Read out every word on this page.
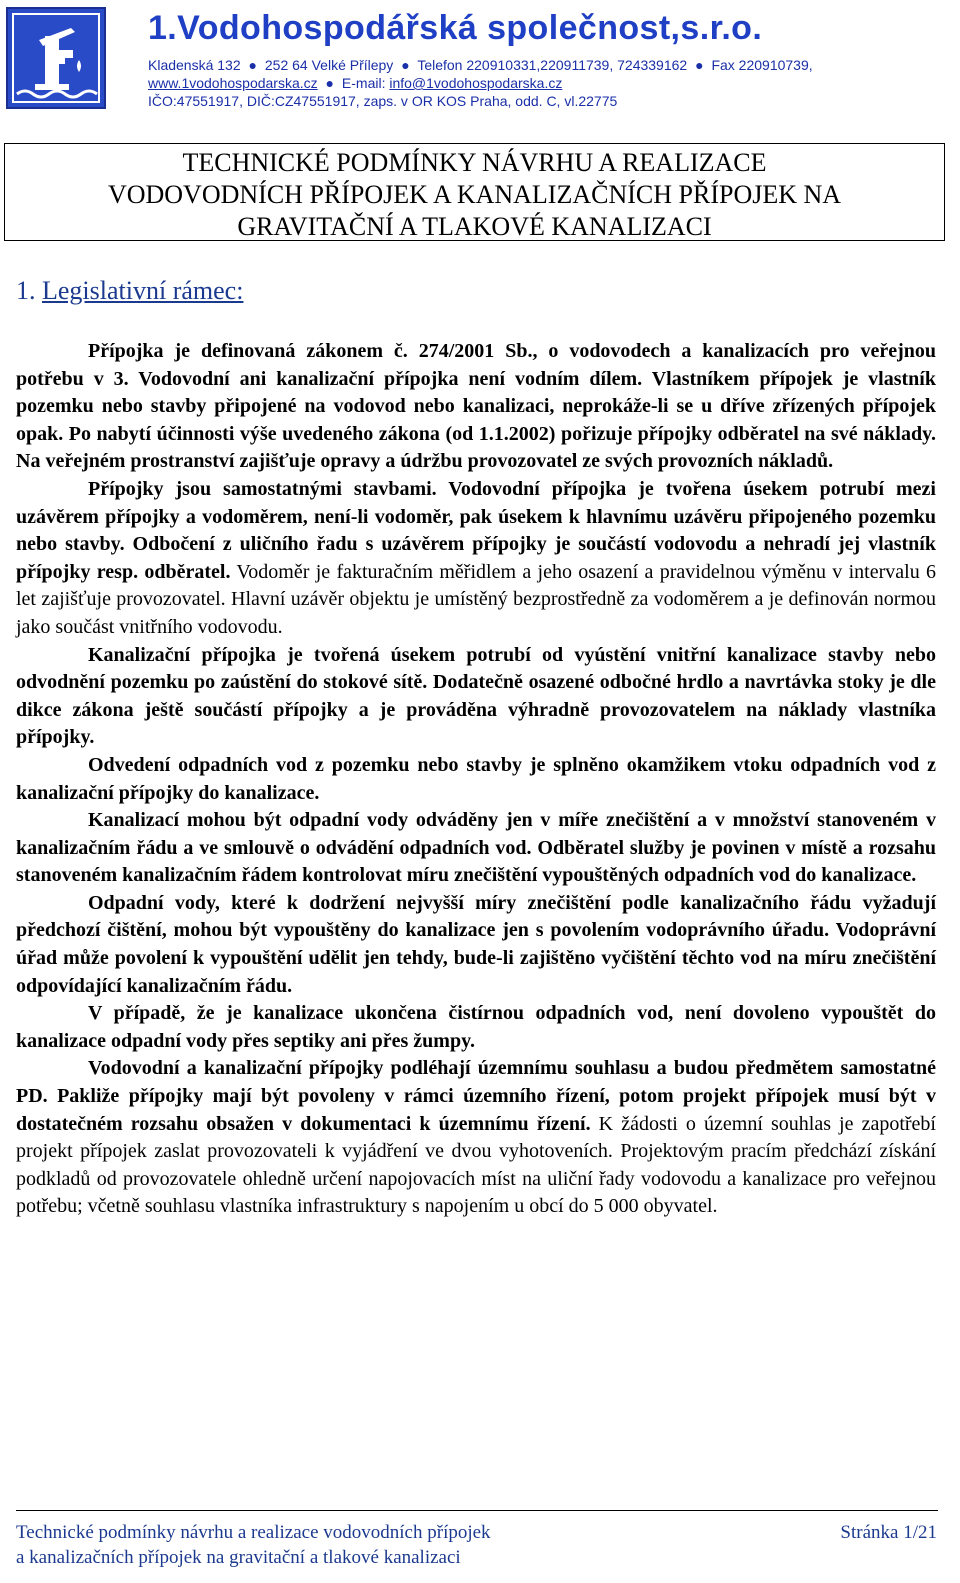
1.Vodohospodářská společnost,s.r.o.
Kladenská 132 ● 252 64 Velké Přílepy ● Telefon 220910331,220911739, 724339162 ● Fax 220910739,
www.1vodohospodarska.cz ● E-mail: info@1vodohospodarska.cz
IČO:47551917, DIČ:CZ47551917, zaps. v OR KOS Praha, odd. C, vl.22775
TECHNICKÉ PODMÍNKY NÁVRHU A REALIZACE
VODOVODNÍCH PŘÍPOJEK A KANALIZAČNÍCH PŘÍPOJEK NA
GRAVITAČNÍ A TLAKOVÉ KANALIZACI
1. Legislativní rámec:

Přípojka je definovaná zákonem č. 274/2001 Sb., o vodovodech a kanalizacích pro veřejnou potřebu v 3. Vodovodní ani kanalizační přípojka není vodním dílem. Vlastníkem přípojek je vlastník pozemku nebo stavby připojené na vodovod nebo kanalizaci, neprokáže-li se u dříve zřízených přípojek opak. Po nabytí účinnosti výše uvedeného zákona (od 1.1.2002) pořizuje přípojky odběratel na své náklady. Na veřejném prostranství zajišťuje opravy a údržbu provozovatel ze svých provozních nákladů.

Přípojky jsou samostatnými stavbami. Vodovodní přípojka je tvořena úsekem potrubí mezi uzávěrem přípojky a vodoměrem, není-li vodoměr, pak úsekem k hlavnímu uzávěru připojeného pozemku nebo stavby. Odbočení z uličního řadu s uzávěrem přípojky je součástí vodovodu a nehradí jej vlastník přípojky resp. odběratel. Vodoměr je fakturačním měřidlem a jeho osazení a pravidelnou výměnu v intervalu 6 let zajišťuje provozovatel. Hlavní uzávěr objektu je umístěný bezprostředně za vodoměrem a je definován normou jako součást vnitřního vodovodu.

Kanalizační přípojka je tvořená úsekem potrubí od vyústění vnitřní kanalizace stavby nebo odvodnění pozemku po zaústění do stokové sítě. Dodatečně osazené odbočné hrdlo a navrtávka stoky je dle dikce zákona ještě součástí přípojky a je prováděna výhradně provozovatelem na náklady vlastníka přípojky.

Odvedení odpadních vod z pozemku nebo stavby je splněno okamžikem vtoku odpadních vod z kanalizační přípojky do kanalizace.

Kanalizací mohou být odpadní vody odváděny jen v míře znečištění a v množství stanoveném v kanalizačním řádu a ve smlouvě o odvádění odpadních vod. Odběratel služby je povinen v místě a rozsahu stanoveném kanalizačním řádem kontrolovat míru znečištění vypouštěných odpadních vod do kanalizace.

Odpadní vody, které k dodržení nejvyšší míry znečištění podle kanalizačního řádu vyžadují předchozí čištění, mohou být vypouštěny do kanalizace jen s povolením vodoprávního úřadu. Vodoprávní úřad může povolení k vypouštění udělit jen tehdy, bude-li zajištěno vyčištění těchto vod na míru znečištění odpovídající kanalizačním řádu.

V případě, že je kanalizace ukončena čistírnou odpadních vod, není dovoleno vypouštět do kanalizace odpadní vody přes septiky ani přes žumpy.

Vodovodní a kanalizační přípojky podléhají územnímu souhlasu a budou předmětem samostatné PD. Pakliže přípojky mají být povoleny v rámci územního řízení, potom projekt přípojek musí být v dostatečném rozsahu obsažen v dokumentaci k územnímu řízení. K žádosti o územní souhlas je zapotřebí projekt přípojek zaslat provozovateli k vyjádření ve dvou vyhotoveních. Projektovým pracím předchází získání podkladů od provozovatele ohledně určení napojovacích míst na uliční řady vodovodu a kanalizace pro veřejnou potřebu; včetně souhlasu vlastníka infrastruktury s napojením u obcí do 5 000 obyvatel.

Technické podmínky návrhu a realizace vodovodních přípojek
a kanalizačních přípojek na gravitační a tlakové kanalizaci
Stránka 1/21
